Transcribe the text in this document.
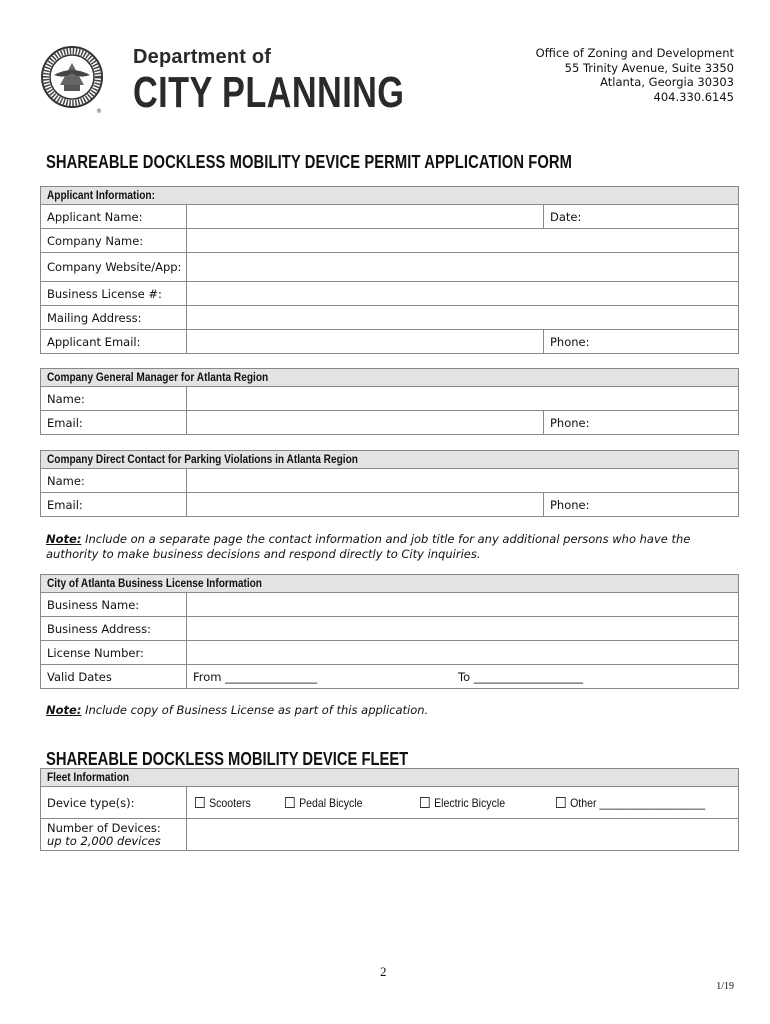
®
Department of
CITY PLANNING
Office of Zoning and Development
55 Trinity Avenue, Suite 3350
Atlanta, Georgia 30303
404.330.6145
SHAREABLE DOCKLESS MOBILITY DEVICE PERMIT APPLICATION FORM
Applicant Information:		
Applicant Name:		Date:
Company Name:		
Company Website/App:		
Business License #:		
Mailing Address:		
Applicant Email:		Phone:
Company General Manager for Atlanta Region		
Name:		
Email:		Phone:
Company Direct Contact for Parking Violations in Atlanta Region		
Name:		
Email:		Phone:
Note: Include on a separate page the contact information and job title for any additional persons who have the authority to make business decisions and respond directly to City inquiries.
City of Atlanta Business License Information	
Business Name:	
Business Address:	
License Number:	
Valid Dates	From ________________ To ___________________
Note: Include copy of Business License as part of this application.
SHAREABLE DOCKLESS MOBILITY DEVICE FLEET
Fleet Information	
Device type(s):	Scooters Pedal Bicycle Electric Bicycle Other __________________

Number of Devices:
up to 2,000 devices	

2
1/19
